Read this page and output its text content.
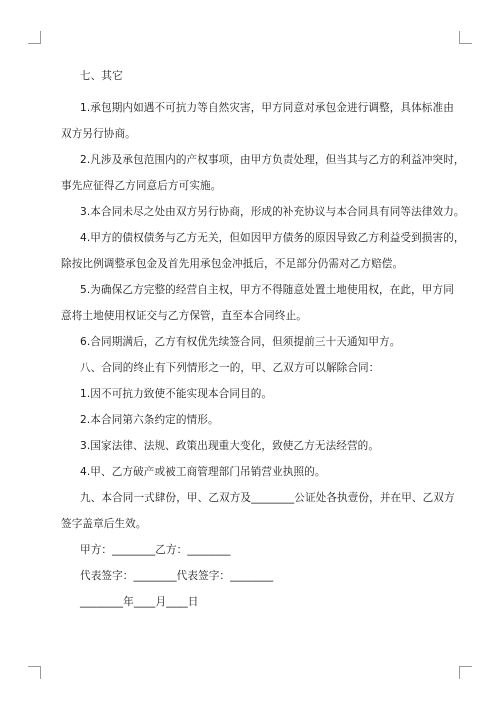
七、其它
1.承包期内如遇不可抗力等自然灾害，甲方同意对承包金进行调整，具体标准由
双方另行协商。
2.凡涉及承包范围内的产权事项，由甲方负责处理，但当其与乙方的利益冲突时，
事先应征得乙方同意后方可实施。
3.本合同未尽之处由双方另行协商，形成的补充协议与本合同具有同等法律效力。
4.甲方的债权债务与乙方无关，但如因甲方债务的原因导致乙方利益受到损害的，
除按比例调整承包金及首先用承包金冲抵后，不足部分仍需对乙方赔偿。
5.为确保乙方完整的经营自主权，甲方不得随意处置土地使用权，在此，甲方同
意将土地使用权证交与乙方保管，直至本合同终止。
6.合同期满后，乙方有权优先续签合同，但须提前三十天通知甲方。
八、合同的终止有下列情形之一的，甲、乙双方可以解除合同：
1.因不可抗力致使不能实现本合同目的。
2.本合同第六条约定的情形。
3.国家法律、法规、政策出现重大变化，致使乙方无法经营的。
4.甲、乙方破产或被工商管理部门吊销营业执照的。
九、本合同一式肆份，甲、乙双方及________公证处各执壹份，并在甲、乙双方
签字盖章后生效。
甲方：________乙方：________
代表签字：________代表签字：________
________年____月____日
